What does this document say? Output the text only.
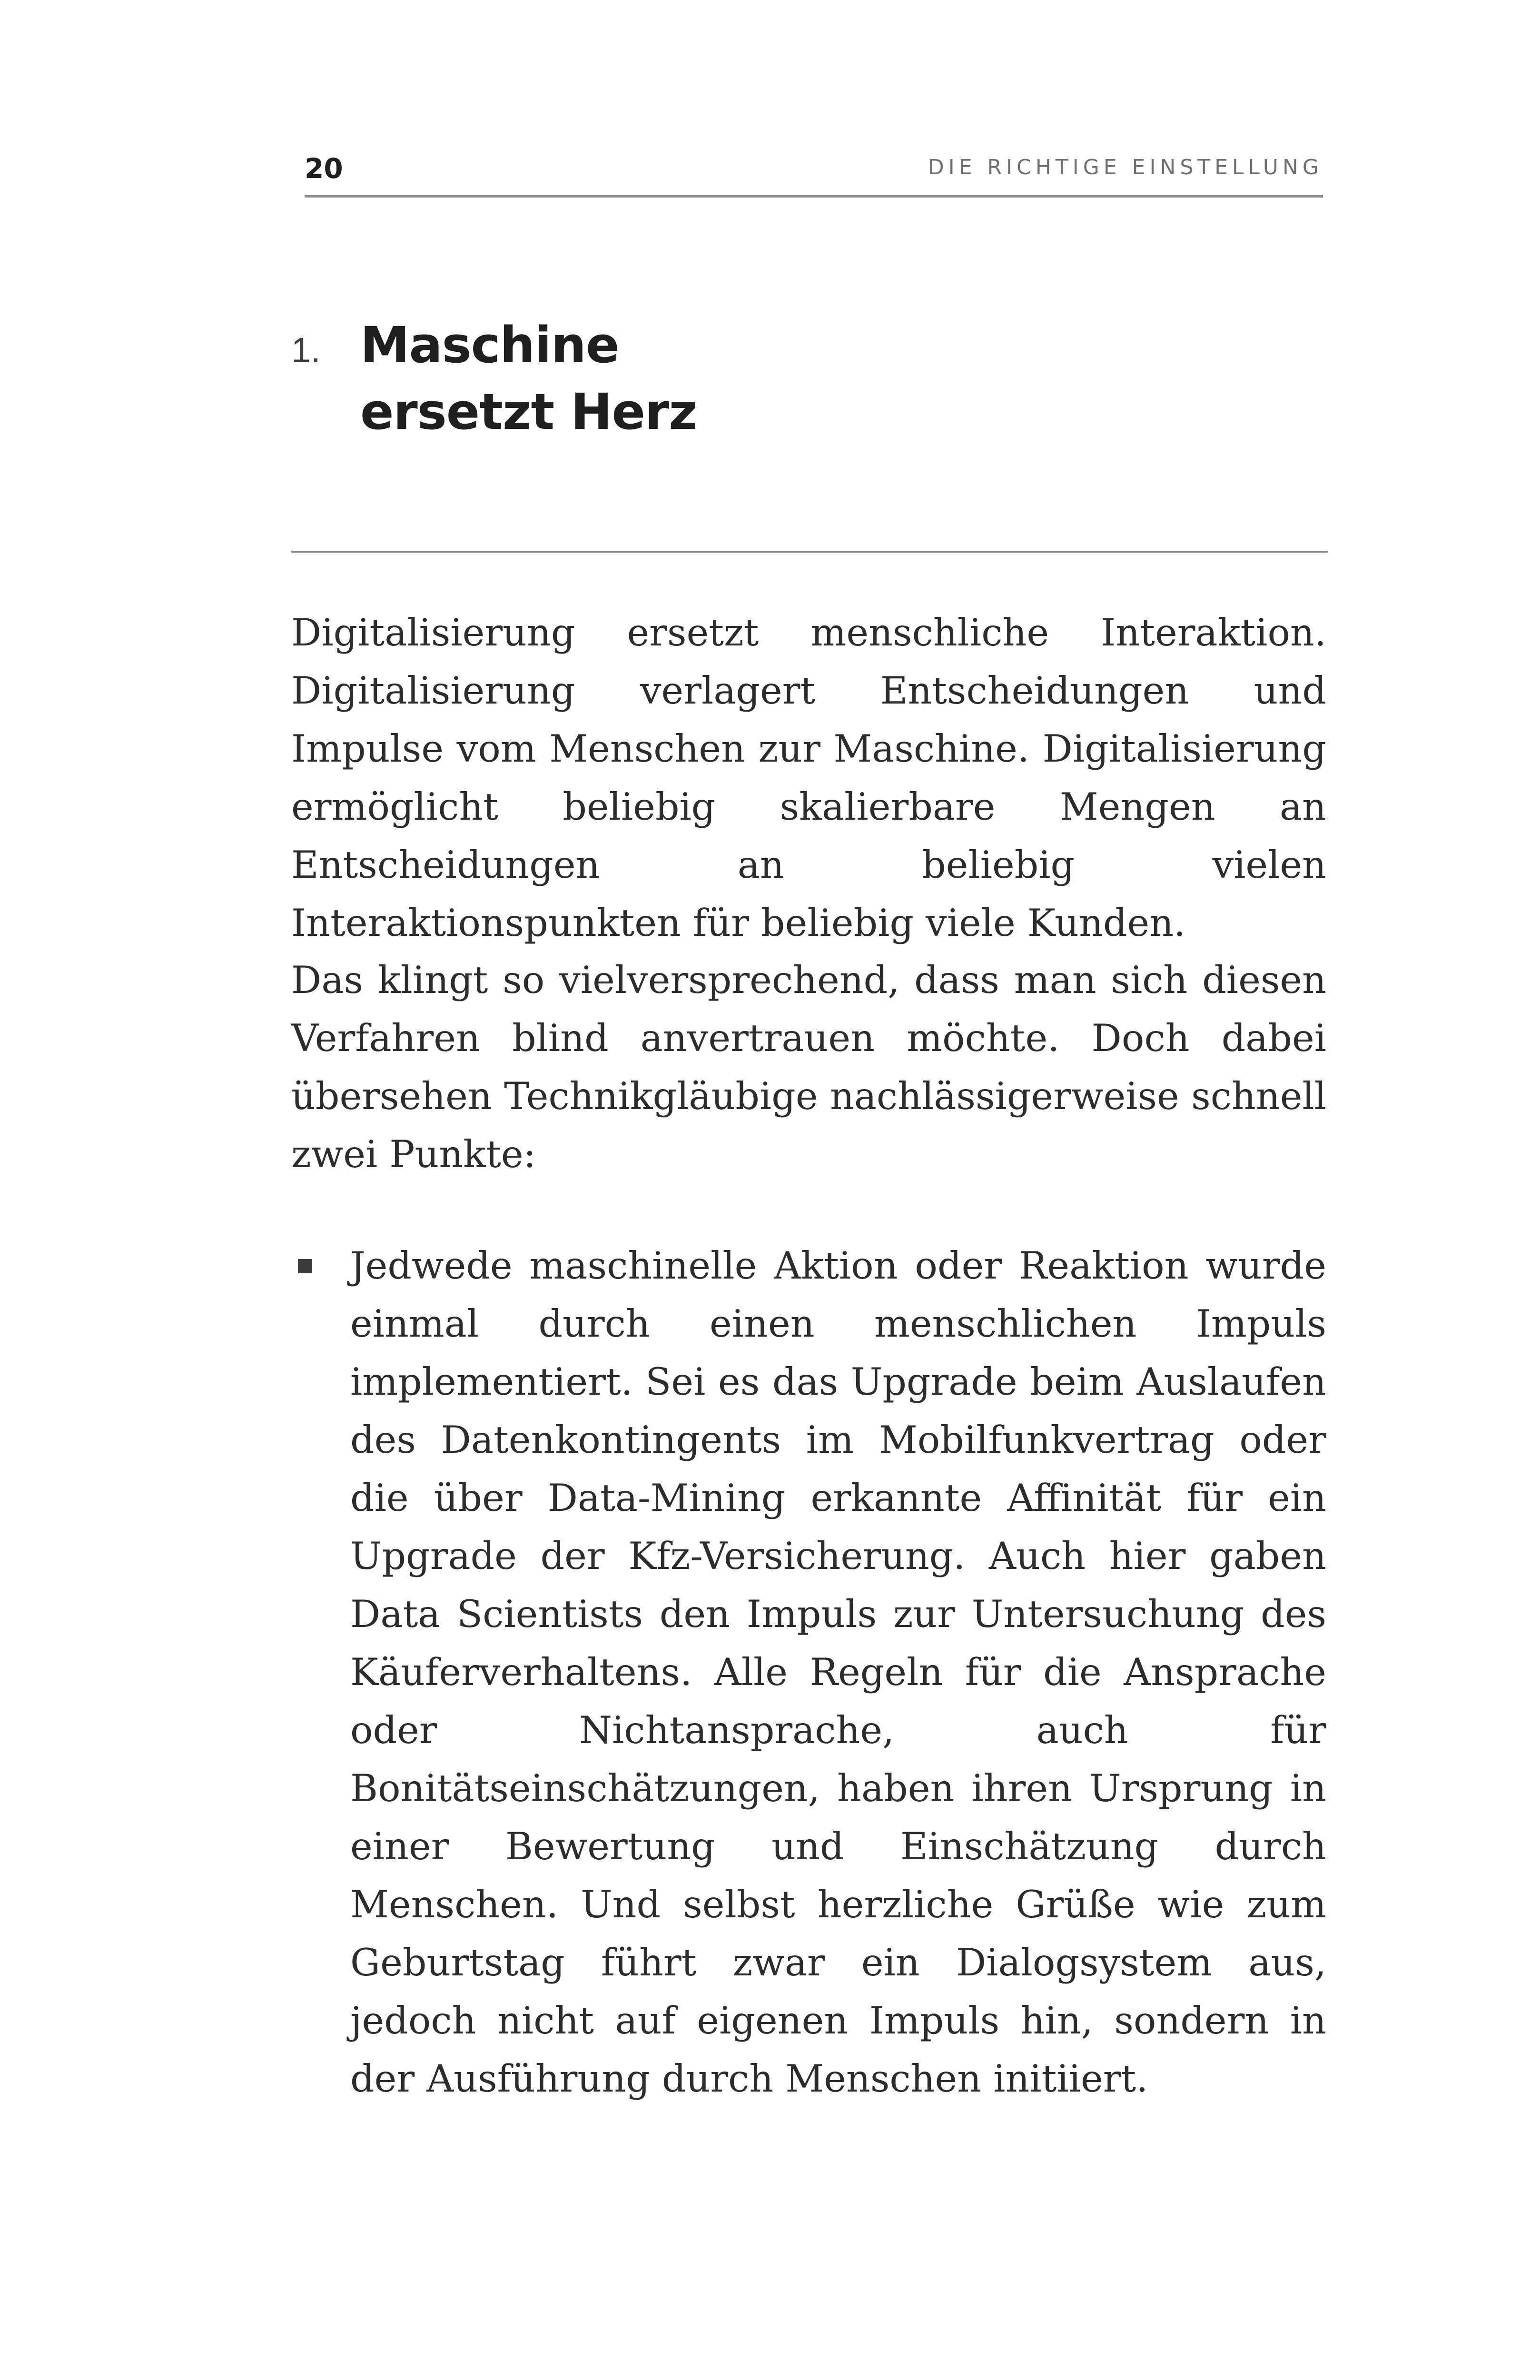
20	DIE RICHTIGE EINSTELLUNG
1. Maschine
ersetzt Herz

Digitalisierung ersetzt menschliche Interaktion. Digitalisierung verlagert Entscheidungen und Impulse vom Menschen zur Maschine. Digitalisierung ermöglicht beliebig skalierbare Mengen an Entscheidungen an beliebig vielen Interaktionspunkten für beliebig viele Kunden.

Das klingt so vielversprechend, dass man sich diesen Verfahren blind anvertrauen möchte. Doch dabei übersehen Technikgläubige nachlässigerweise schnell zwei Punkte:

Jedwede maschinelle Aktion oder Reaktion wurde einmal durch einen menschlichen Impuls implementiert. Sei es das Upgrade beim Auslaufen des Datenkontingents im Mobilfunkvertrag oder die über Data-Mining erkannte Affinität für ein Upgrade der Kfz-Versicherung. Auch hier gaben Data Scientists den Impuls zur Untersuchung des Käuferverhaltens. Alle Regeln für die Ansprache oder Nichtansprache, auch für Bonitätseinschätzungen, haben ihren Ursprung in einer Bewertung und Einschätzung durch Menschen. Und selbst herzliche Grüße wie zum Geburtstag führt zwar ein Dialogsystem aus, jedoch nicht auf eigenen Impuls hin, sondern in der Ausführung durch Menschen initiiert.
